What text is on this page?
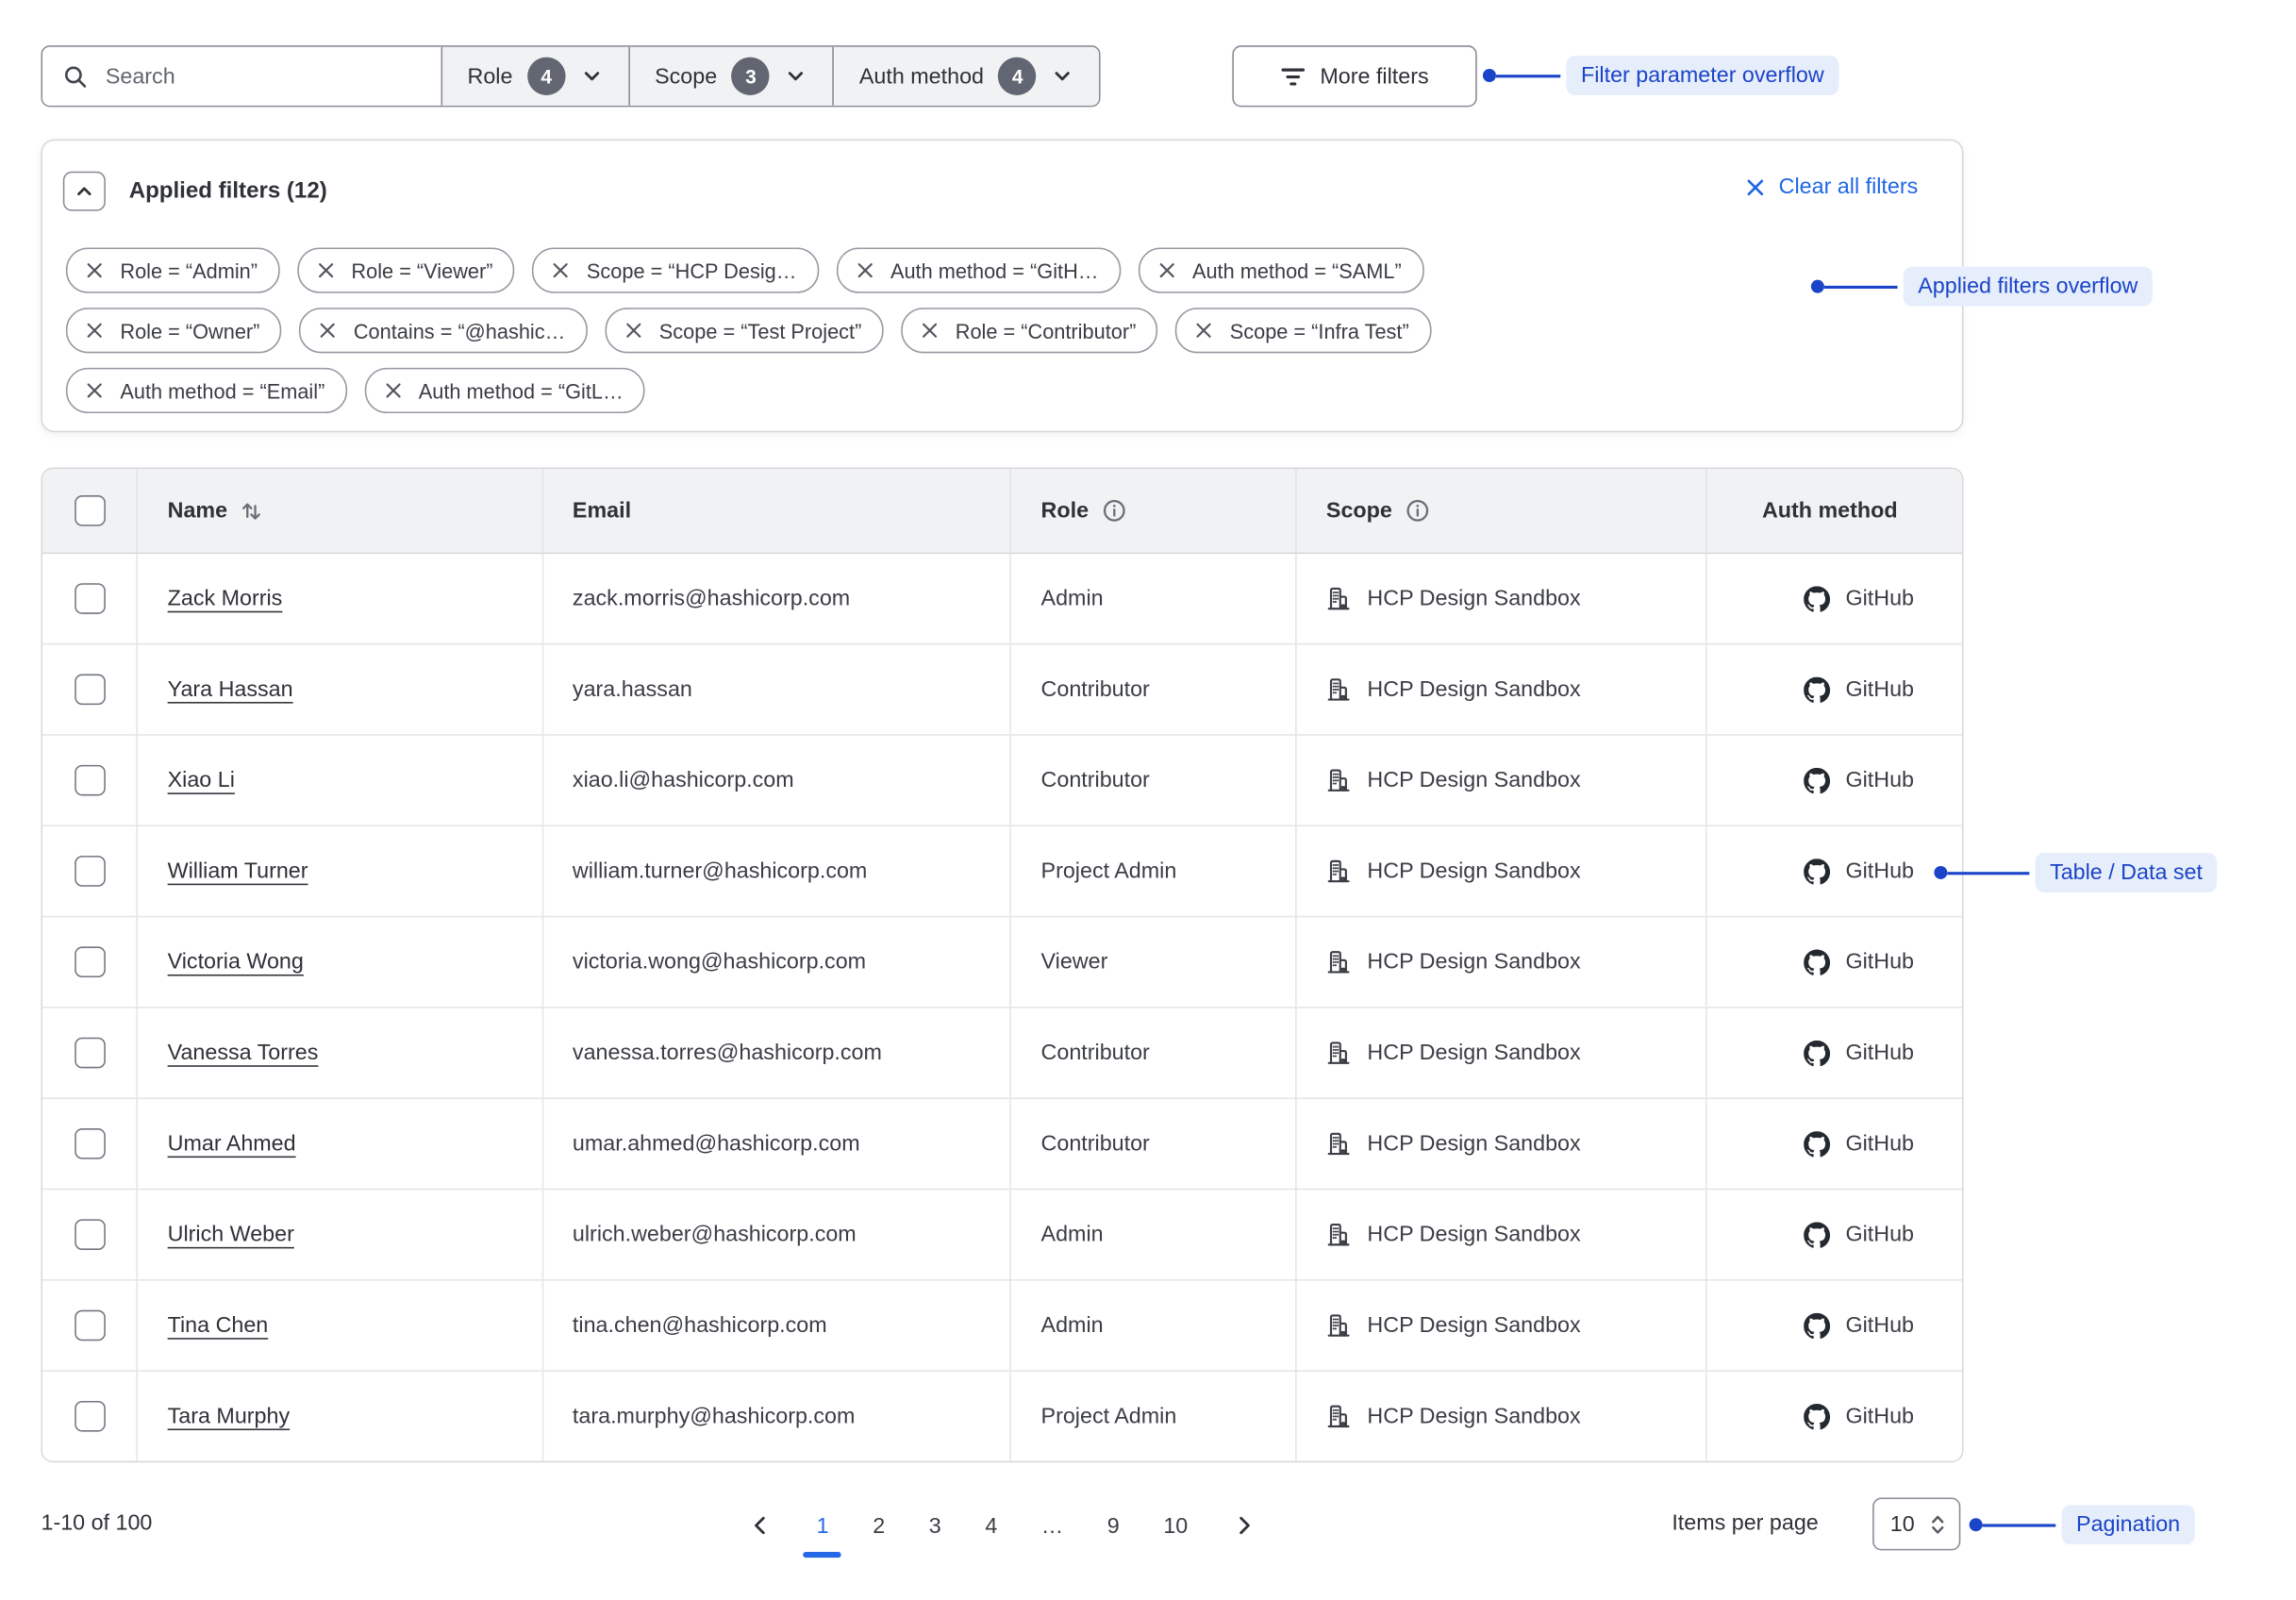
Search
Role	4	Scope	3	Auth method	4	More filters
Applied filters (12)	Clear all filters
Role = “Admin”	Role = “Viewer”	Scope = “HCP Desig…	Auth method = “GitH…	Auth method = “SAML”
Role = “Owner”	Contains = “@hashic…	Scope = “Test Project”	Role = “Contributor”	Scope = “Infra Test”
Auth method = “Email”	Auth method = “GitL…

	Name	Email	Role	Scope	Auth method

	Zack Morris	zack.morris@hashicorp.com	Admin	HCP Design Sandbox	GitHub

	Yara Hassan	yara.hassan	Contributor	HCP Design Sandbox	GitHub

	Xiao Li	xiao.li@hashicorp.com	Contributor	HCP Design Sandbox	GitHub

	William Turner	william.turner@hashicorp.com	Project Admin	HCP Design Sandbox	GitHub

	Victoria Wong	victoria.wong@hashicorp.com	Viewer	HCP Design Sandbox	GitHub

	Vanessa Torres	vanessa.torres@hashicorp.com	Contributor	HCP Design Sandbox	GitHub

	Umar Ahmed	umar.ahmed@hashicorp.com	Contributor	HCP Design Sandbox	GitHub

	Ulrich Weber	ulrich.weber@hashicorp.com	Admin	HCP Design Sandbox	GitHub

	Tina Chen	tina.chen@hashicorp.com	Admin	HCP Design Sandbox	GitHub

	Tara Murphy	tara.murphy@hashicorp.com	Project Admin	HCP Design Sandbox	GitHub
1-10 of 100	1	2	3	4	…	9	10	Items per page	10
Filter parameter overflow
Applied filters overflow
Table / Data set
Pagination
